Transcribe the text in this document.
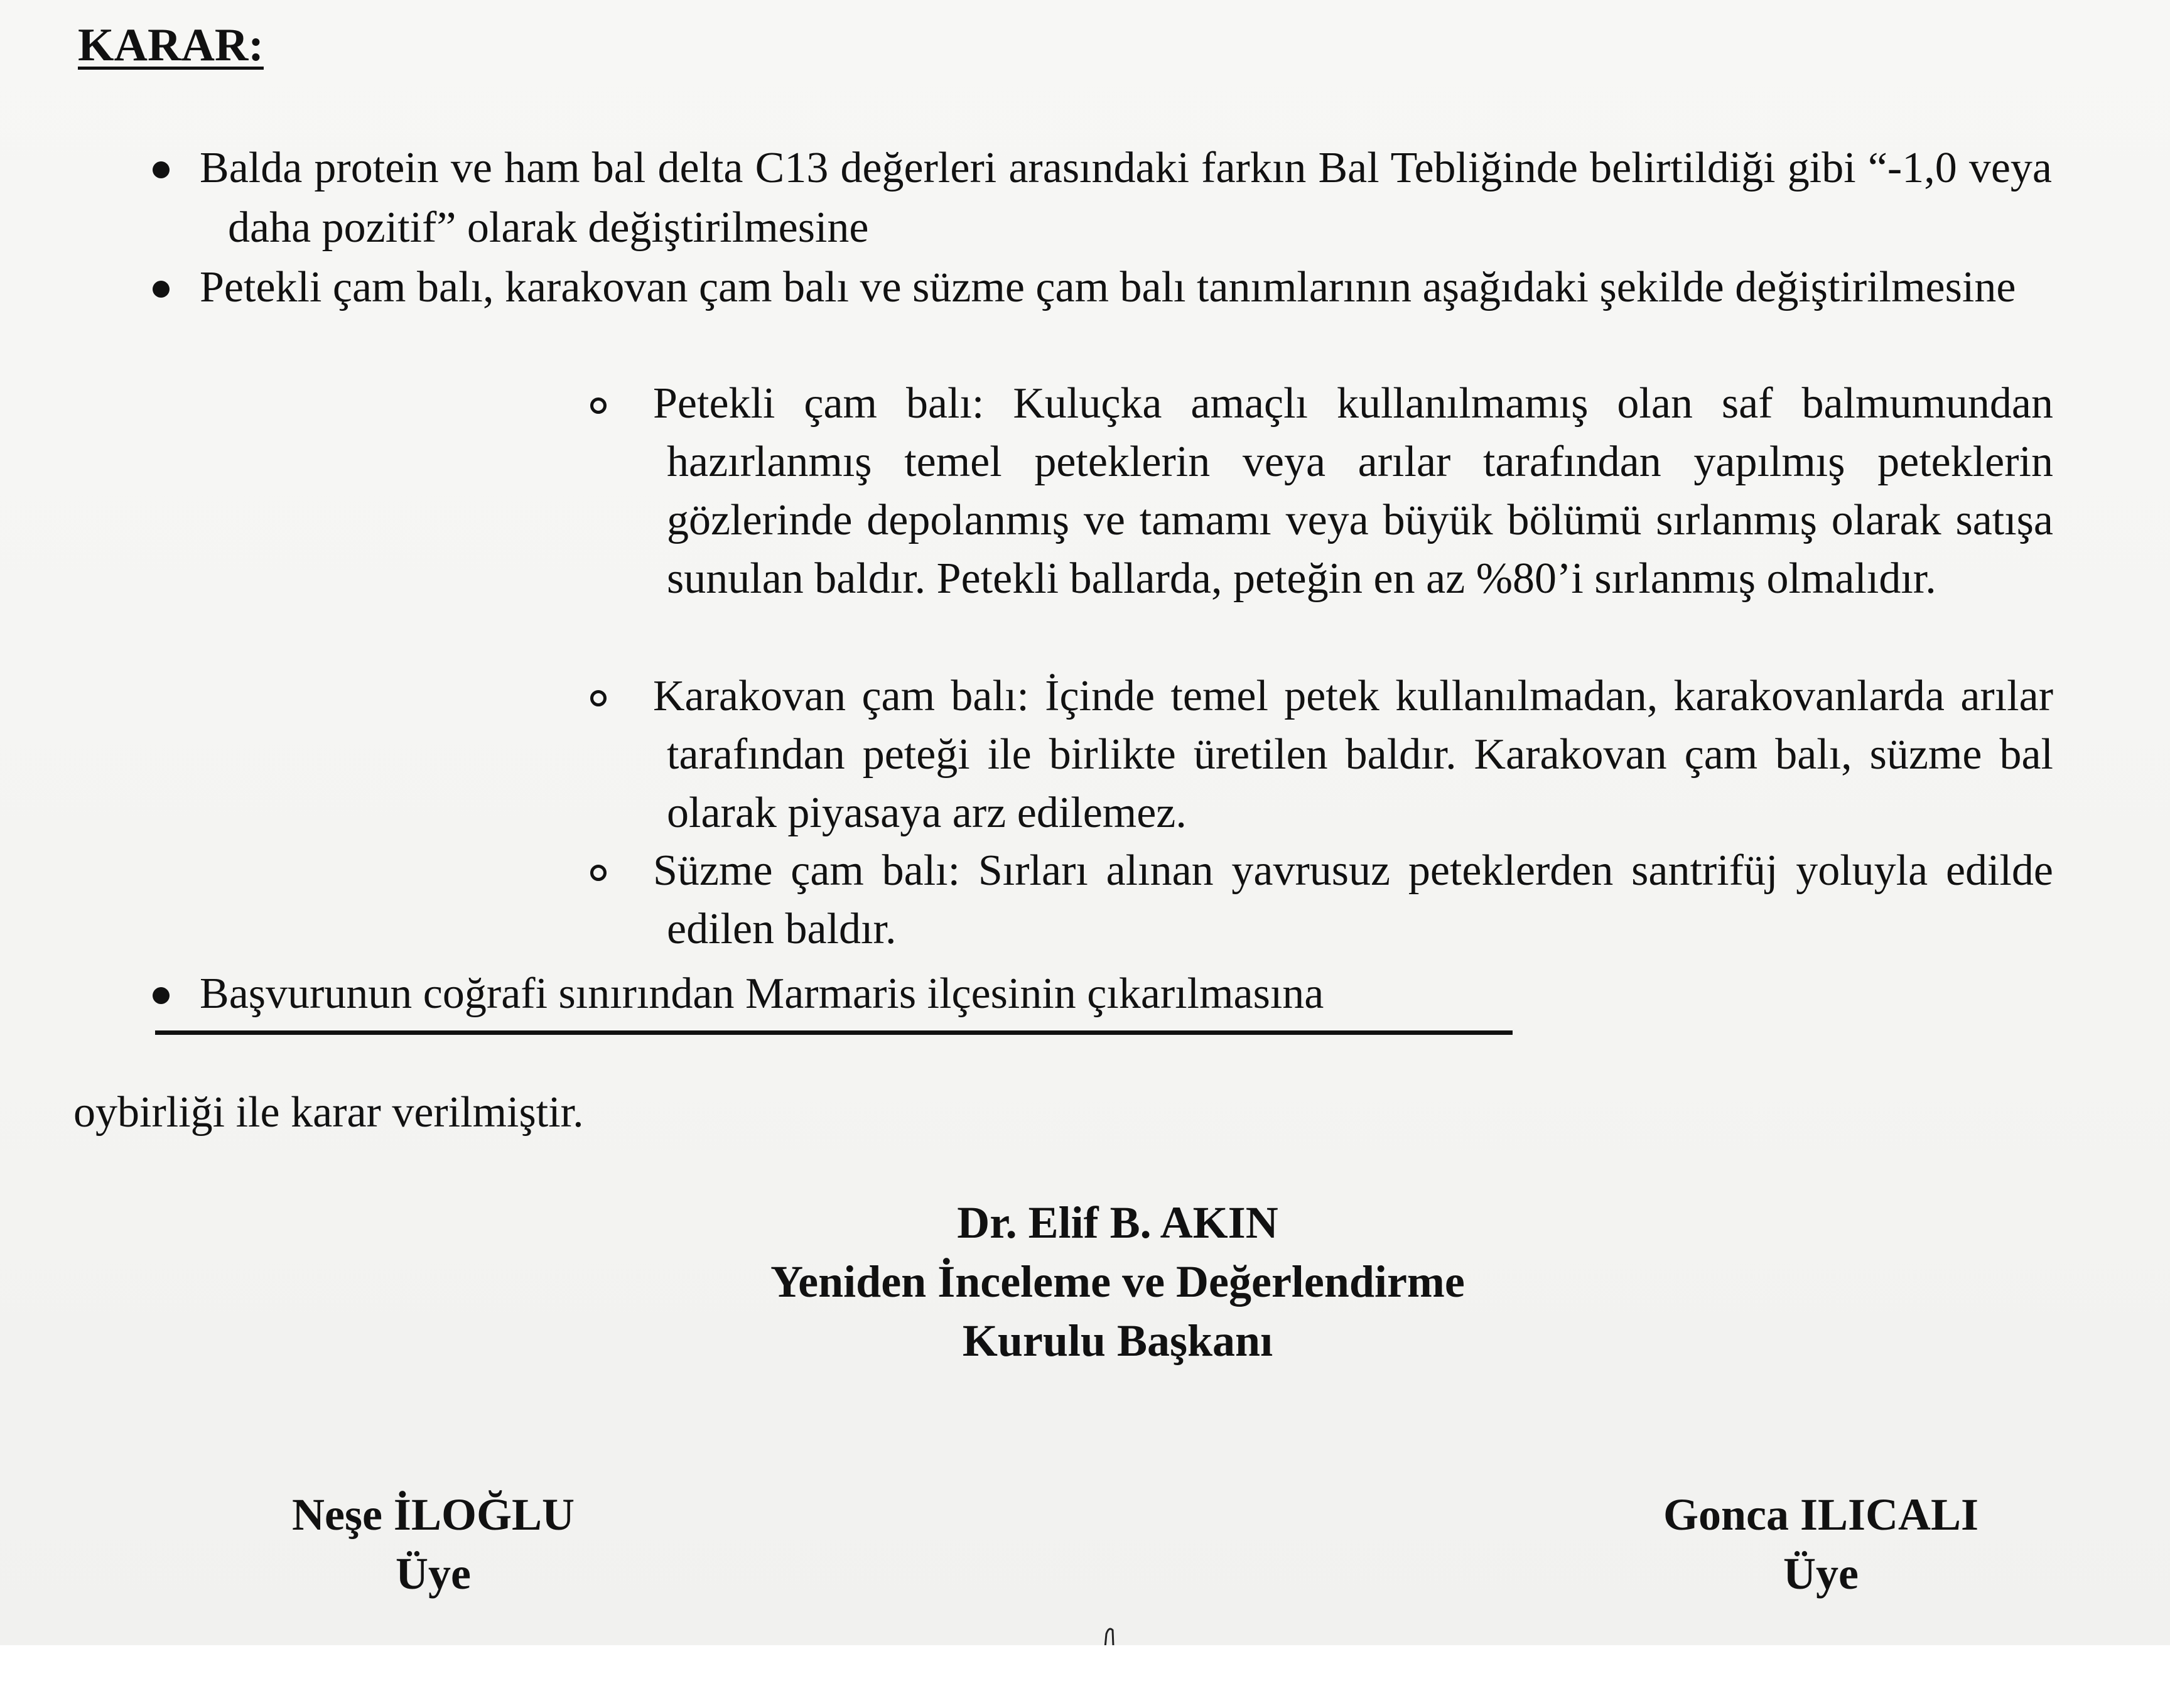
KARAR:
Balda protein ve ham bal delta C13 değerleri arasındaki farkın Bal Tebliğinde belirtildiği gibi “-1,0 veya daha pozitif” olarak değiştirilmesine
Petekli çam balı, karakovan çam balı ve süzme çam balı tanımlarının aşağıdaki şekilde değiştirilmesine
Petekli çam balı: Kuluçka amaçlı kullanılmamış olan saf balmumundan hazırlanmış temel peteklerin veya arılar tarafından yapılmış peteklerin gözlerinde depolanmış ve tamamı veya büyük bölümü sırlanmış olarak satışa sunulan baldır. Petekli ballarda, peteğin en az %80’i sırlanmış olmalıdır.
Karakovan çam balı: İçinde temel petek kullanılmadan, karakovanlarda arılar tarafından peteği ile birlikte üretilen baldır. Karakovan çam balı, süzme bal olarak piyasaya arz edilemez.
Süzme çam balı: Sırları alınan yavrusuz peteklerden santrifüj yoluyla edilde edilen baldır.
Başvurunun coğrafi sınırından Marmaris ilçesinin çıkarılmasına
oybirliği ile karar verilmiştir.
Dr. Elif B. AKIN
Yeniden İnceleme ve Değerlendirme
Kurulu Başkanı
Neşe İLOĞLU
Üye
Gonca ILICALI
Üye
